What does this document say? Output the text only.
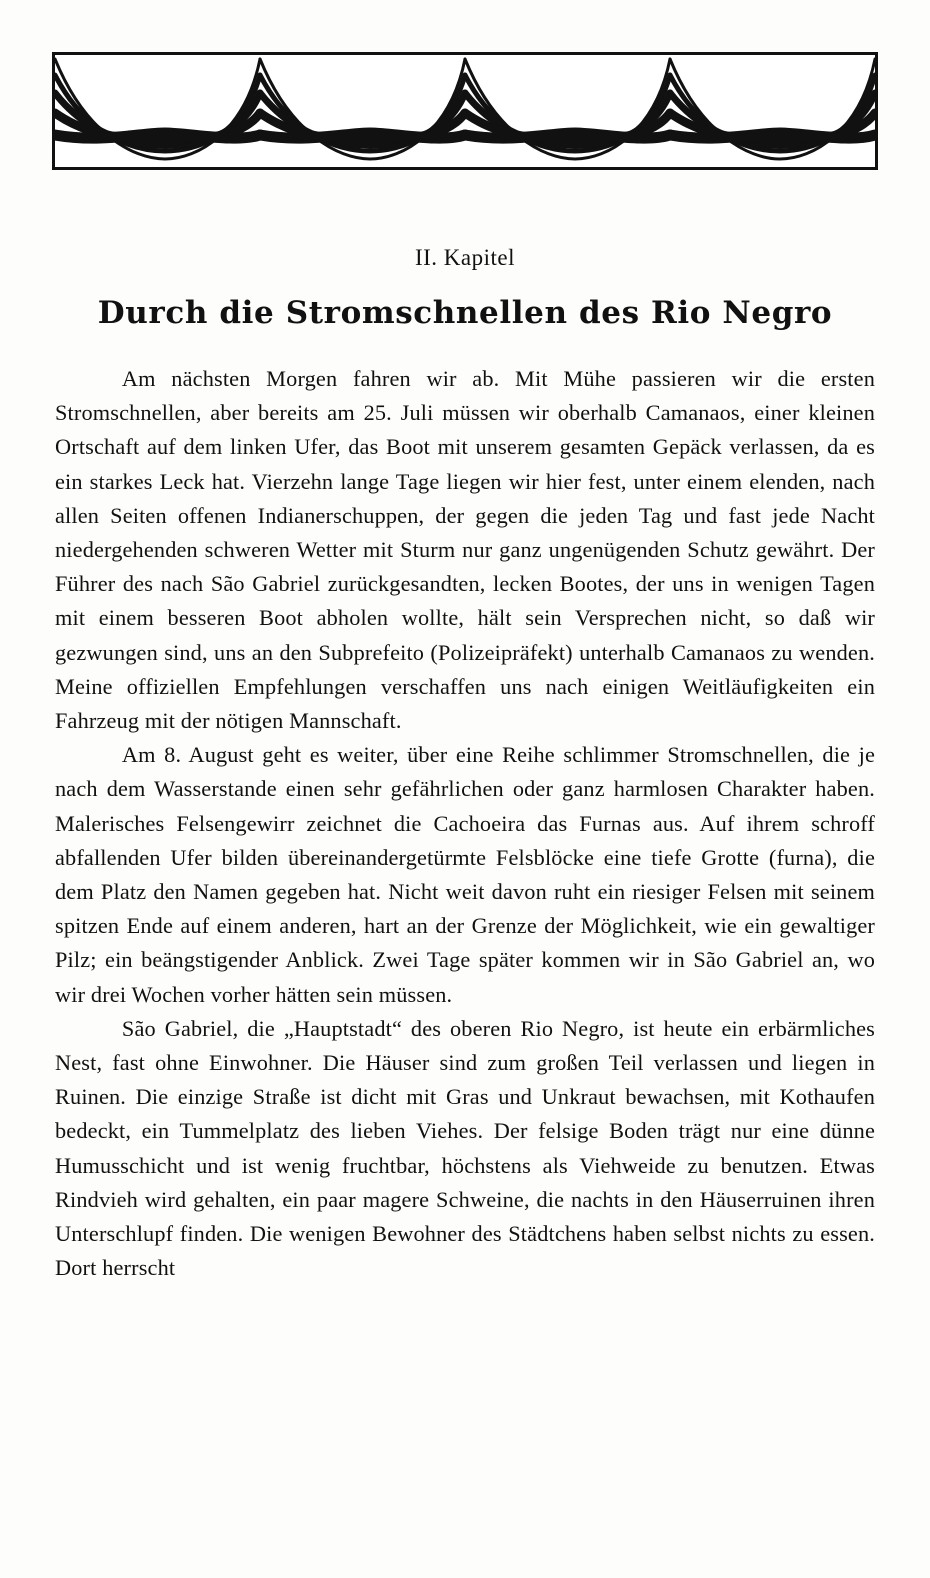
II. Kapitel
Durch die Stromschnellen des Rio Negro

Am nächsten Morgen fahren wir ab. Mit Mühe passieren wir die ersten Stromschnellen, aber bereits am 25. Juli müssen wir oberhalb Camanaos, einer kleinen Ortschaft auf dem linken Ufer, das Boot mit unserem gesamten Gepäck verlassen, da es ein starkes Leck hat. Vierzehn lange Tage liegen wir hier fest, unter einem elenden, nach allen Seiten offenen Indianerschuppen, der gegen die jeden Tag und fast jede Nacht niedergehenden schweren Wetter mit Sturm nur ganz ungenügenden Schutz gewährt. Der Führer des nach São Gabriel zurückgesandten, lecken Bootes, der uns in wenigen Tagen mit einem besseren Boot abholen wollte, hält sein Versprechen nicht, so daß wir gezwungen sind, uns an den Subprefeito (Polizeipräfekt) unterhalb Camanaos zu wenden. Meine offiziellen Empfehlungen verschaffen uns nach einigen Weitläufigkeiten ein Fahrzeug mit der nötigen Mannschaft.

Am 8. August geht es weiter, über eine Reihe schlimmer Stromschnellen, die je nach dem Wasserstande einen sehr gefährlichen oder ganz harmlosen Charakter haben. Malerisches Felsengewirr zeichnet die Cachoeira das Furnas aus. Auf ihrem schroff abfallenden Ufer bilden übereinandergetürmte Felsblöcke eine tiefe Grotte (furna), die dem Platz den Namen gegeben hat. Nicht weit davon ruht ein riesiger Felsen mit seinem spitzen Ende auf einem anderen, hart an der Grenze der Möglichkeit, wie ein gewaltiger Pilz; ein beängstigender Anblick. Zwei Tage später kommen wir in São Gabriel an, wo wir drei Wochen vorher hätten sein müssen.

São Gabriel, die „Hauptstadt“ des oberen Rio Negro, ist heute ein erbärmliches Nest, fast ohne Einwohner. Die Häuser sind zum großen Teil verlassen und liegen in Ruinen. Die einzige Straße ist dicht mit Gras und Unkraut bewachsen, mit Kothaufen bedeckt, ein Tummelplatz des lieben Viehes. Der felsige Boden trägt nur eine dünne Humusschicht und ist wenig fruchtbar, höchstens als Viehweide zu benutzen. Etwas Rindvieh wird gehalten, ein paar magere Schweine, die nachts in den Häuserruinen ihren Unterschlupf finden. Die wenigen Bewohner des Städtchens haben selbst nichts zu essen. Dort herrscht
